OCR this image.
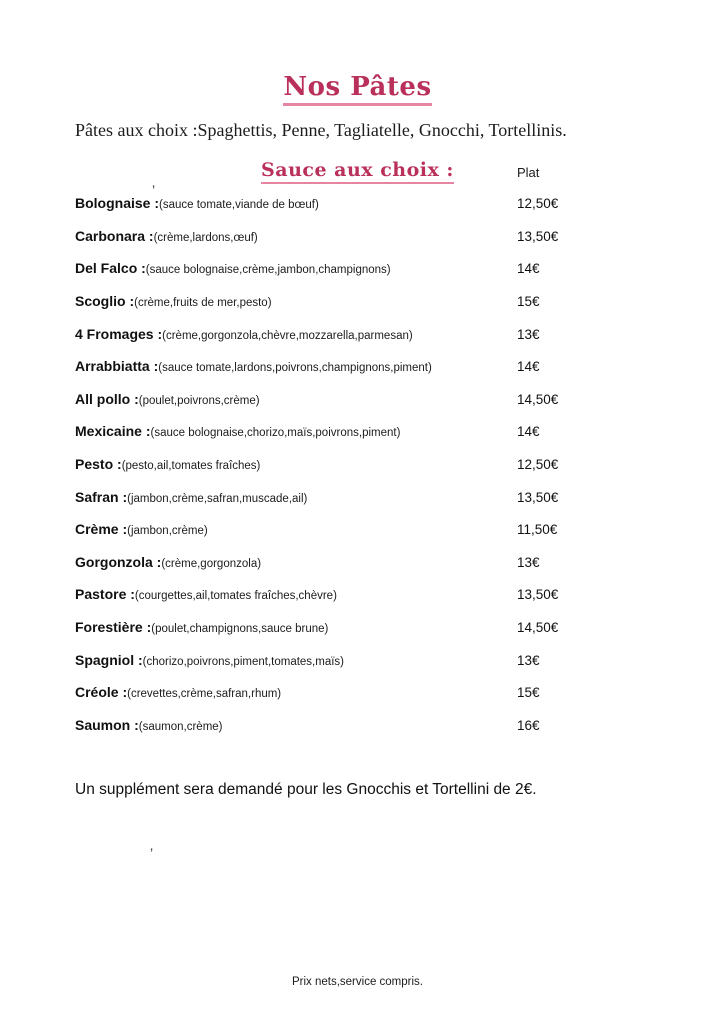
Nos Pâtes

Pâtes aux choix :Spaghettis, Penne, Tagliatelle, Gnocchi, Tortellinis.

’
Sauce aux choix :	Plat
Bolognaise :(sauce tomate,viande de bœuf)	12,50€
Carbonara :(crème,lardons,œuf)	13,50€
Del Falco :(sauce bolognaise,crème,jambon,champignons)	14€
Scoglio :(crème,fruits de mer,pesto)	15€
4 Fromages :(crème,gorgonzola,chèvre,mozzarella,parmesan)	13€
Arrabbiatta :(sauce tomate,lardons,poivrons,champignons,piment)	14€
All pollo :(poulet,poivrons,crème)	14,50€
Mexicaine :(sauce bolognaise,chorizo,maïs,poivrons,piment)	14€
Pesto :(pesto,ail,tomates fraîches)	12,50€
Safran :(jambon,crème,safran,muscade,ail)	13,50€
Crème :(jambon,crème)	11,50€
Gorgonzola :(crème,gorgonzola)	13€
Pastore :(courgettes,ail,tomates fraîches,chèvre)	13,50€
Forestière :(poulet,champignons,sauce brune)	14,50€
Spagniol :(chorizo,poivrons,piment,tomates,maïs)	13€
Créole :(crevettes,crème,safran,rhum)	15€
Saumon :(saumon,crème)	16€

Un supplément sera demandé pour les Gnocchis et Tortellini de 2€.

’
Prix nets,service compris.
